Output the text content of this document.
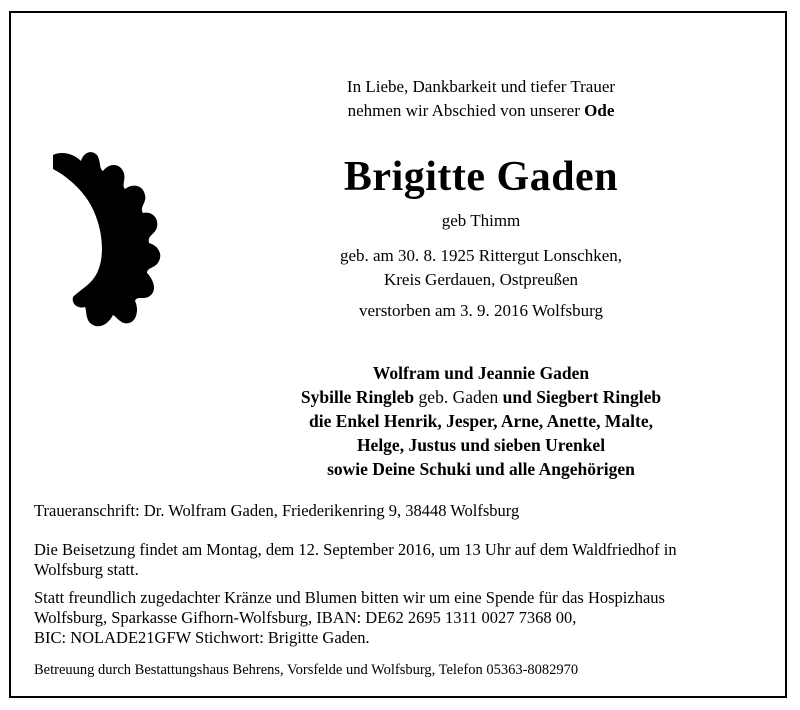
In Liebe, Dankbarkeit und tiefer Trauer
nehmen wir Abschied von unserer Ode
Brigitte Gaden
geb Thimm
geb. am 30. 8. 1925 Rittergut Lonschken,
Kreis Gerdauen, Ostpreußen
verstorben am 3. 9. 2016 Wolfsburg
Wolfram und Jeannie Gaden
Sybille Ringleb geb. Gaden und Siegbert Ringleb
die Enkel Henrik, Jesper, Arne, Anette, Malte,
Helge, Justus und sieben Urenkel
sowie Deine Schuki und alle Angehörigen
Traueranschrift: Dr. Wolfram Gaden, Friederikenring 9, 38448 Wolfsburg
Die Beisetzung findet am Montag, dem 12. September 2016, um 13 Uhr auf dem Waldfriedhof in
Wolfsburg statt.
Statt freundlich zugedachter Kränze und Blumen bitten wir um eine Spende für das Hospizhaus
Wolfsburg, Sparkasse Gifhorn-Wolfsburg, IBAN: DE62 2695 1311 0027 7368 00,
BIC: NOLADE21GFW Stichwort: Brigitte Gaden.
Betreuung durch Bestattungshaus Behrens, Vorsfelde und Wolfsburg, Telefon 05363-8082970
